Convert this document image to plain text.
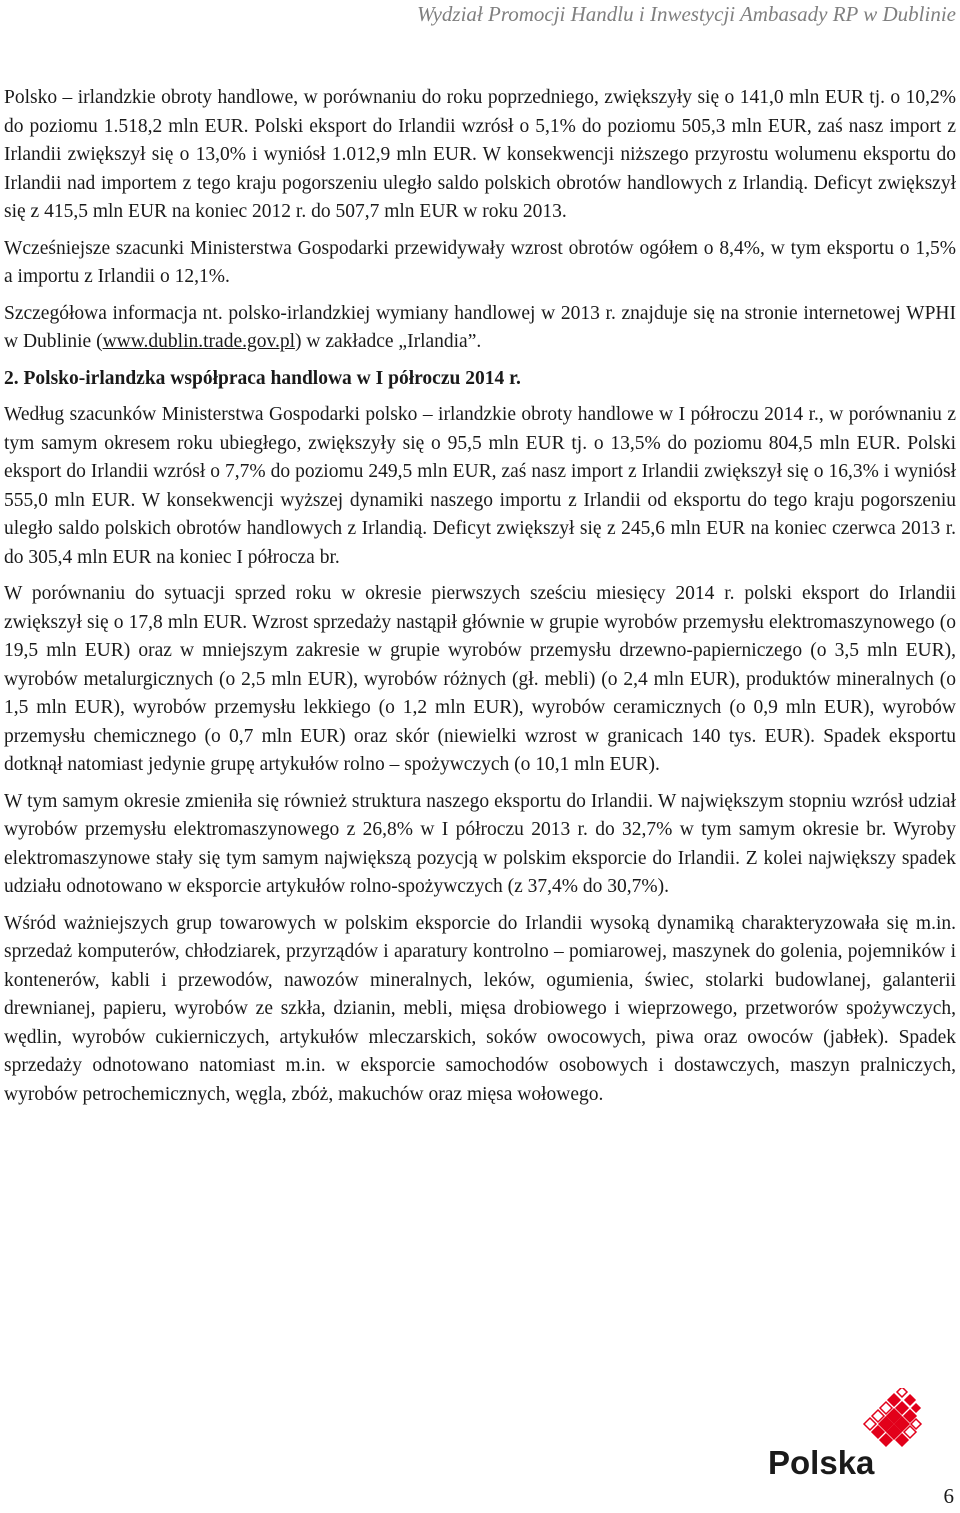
Wydział Promocji Handlu i Inwestycji Ambasady RP w Dublinie

Polsko – irlandzkie obroty handlowe, w porównaniu do roku poprzedniego, zwiększyły się o 141,0 mln EUR tj. o 10,2% do poziomu 1.518,2 mln EUR. Polski eksport do Irlandii wzrósł o 5,1% do poziomu 505,3 mln EUR, zaś nasz import z Irlandii zwiększył się o 13,0% i wyniósł 1.012,9 mln EUR. W konsekwencji niższego przyrostu wolumenu eksportu do Irlandii nad importem z tego kraju pogorszeniu uległo saldo polskich obrotów handlowych z Irlandią. Deficyt zwiększył się z 415,5 mln EUR na koniec 2012 r. do 507,7 mln EUR w roku 2013.

Wcześniejsze szacunki Ministerstwa Gospodarki przewidywały wzrost obrotów ogółem o 8,4%, w tym eksportu o 1,5% a importu z Irlandii o 12,1%.

Szczegółowa informacja nt. polsko-irlandzkiej wymiany handlowej w 2013 r. znajduje się na stronie internetowej WPHI w Dublinie (www.dublin.trade.gov.pl) w zakładce „Irlandia”.

2. Polsko-irlandzka współpraca handlowa w I półroczu 2014 r.

Według szacunków Ministerstwa Gospodarki polsko – irlandzkie obroty handlowe w I półroczu 2014 r., w porównaniu z tym samym okresem roku ubiegłego, zwiększyły się o 95,5 mln EUR tj. o 13,5% do poziomu 804,5 mln EUR. Polski eksport do Irlandii wzrósł o 7,7% do poziomu 249,5 mln EUR, zaś nasz import z Irlandii zwiększył się o 16,3% i wyniósł 555,0 mln EUR. W konsekwencji wyższej dynamiki naszego importu z Irlandii od eksportu do tego kraju pogorszeniu uległo saldo polskich obrotów handlowych z Irlandią. Deficyt zwiększył się z 245,6 mln EUR na koniec czerwca 2013 r. do 305,4 mln EUR na koniec I półrocza br.

W porównaniu do sytuacji sprzed roku w okresie pierwszych sześciu miesięcy 2014 r. polski eksport do Irlandii zwiększył się o 17,8 mln EUR. Wzrost sprzedaży nastąpił głównie w grupie wyrobów przemysłu elektromaszynowego (o 19,5 mln EUR) oraz w mniejszym zakresie w grupie wyrobów przemysłu drzewno-papierniczego (o 3,5 mln EUR), wyrobów metalurgicznych (o 2,5 mln EUR), wyrobów różnych (gł. mebli) (o 2,4 mln EUR), produktów mineralnych (o 1,5 mln EUR), wyrobów przemysłu lekkiego (o 1,2 mln EUR), wyrobów ceramicznych (o 0,9 mln EUR), wyrobów przemysłu chemicznego (o 0,7 mln EUR) oraz skór (niewielki wzrost w granicach 140 tys. EUR). Spadek eksportu dotknął natomiast jedynie grupę artykułów rolno – spożywczych (o 10,1 mln EUR).

W tym samym okresie zmieniła się również struktura naszego eksportu do Irlandii. W największym stopniu wzrósł udział wyrobów przemysłu elektromaszynowego z 26,8% w I półroczu 2013 r. do 32,7% w tym samym okresie br. Wyroby elektromaszynowe stały się tym samym największą pozycją w polskim eksporcie do Irlandii. Z kolei największy spadek udziału odnotowano w eksporcie artykułów rolno-spożywczych (z 37,4% do 30,7%).

Wśród ważniejszych grup towarowych w polskim eksporcie do Irlandii wysoką dynamiką charakteryzowała się m.in. sprzedaż komputerów, chłodziarek, przyrządów i aparatury kontrolno – pomiarowej, maszynek do golenia, pojemników i kontenerów, kabli i przewodów, nawozów mineralnych, leków, ogumienia, świec, stolarki budowlanej, galanterii drewnianej, papieru, wyrobów ze szkła, dzianin, mebli, mięsa drobiowego i wieprzowego, przetworów spożywczych, wędlin, wyrobów cukierniczych, artykułów mleczarskich, soków owocowych, piwa oraz owoców (jabłek). Spadek sprzedaży odnotowano natomiast m.in. w eksporcie samochodów osobowych i dostawczych, maszyn pralniczych, wyrobów petrochemicznych, węgla, zbóż, makuchów oraz mięsa wołowego.

Polska
6
